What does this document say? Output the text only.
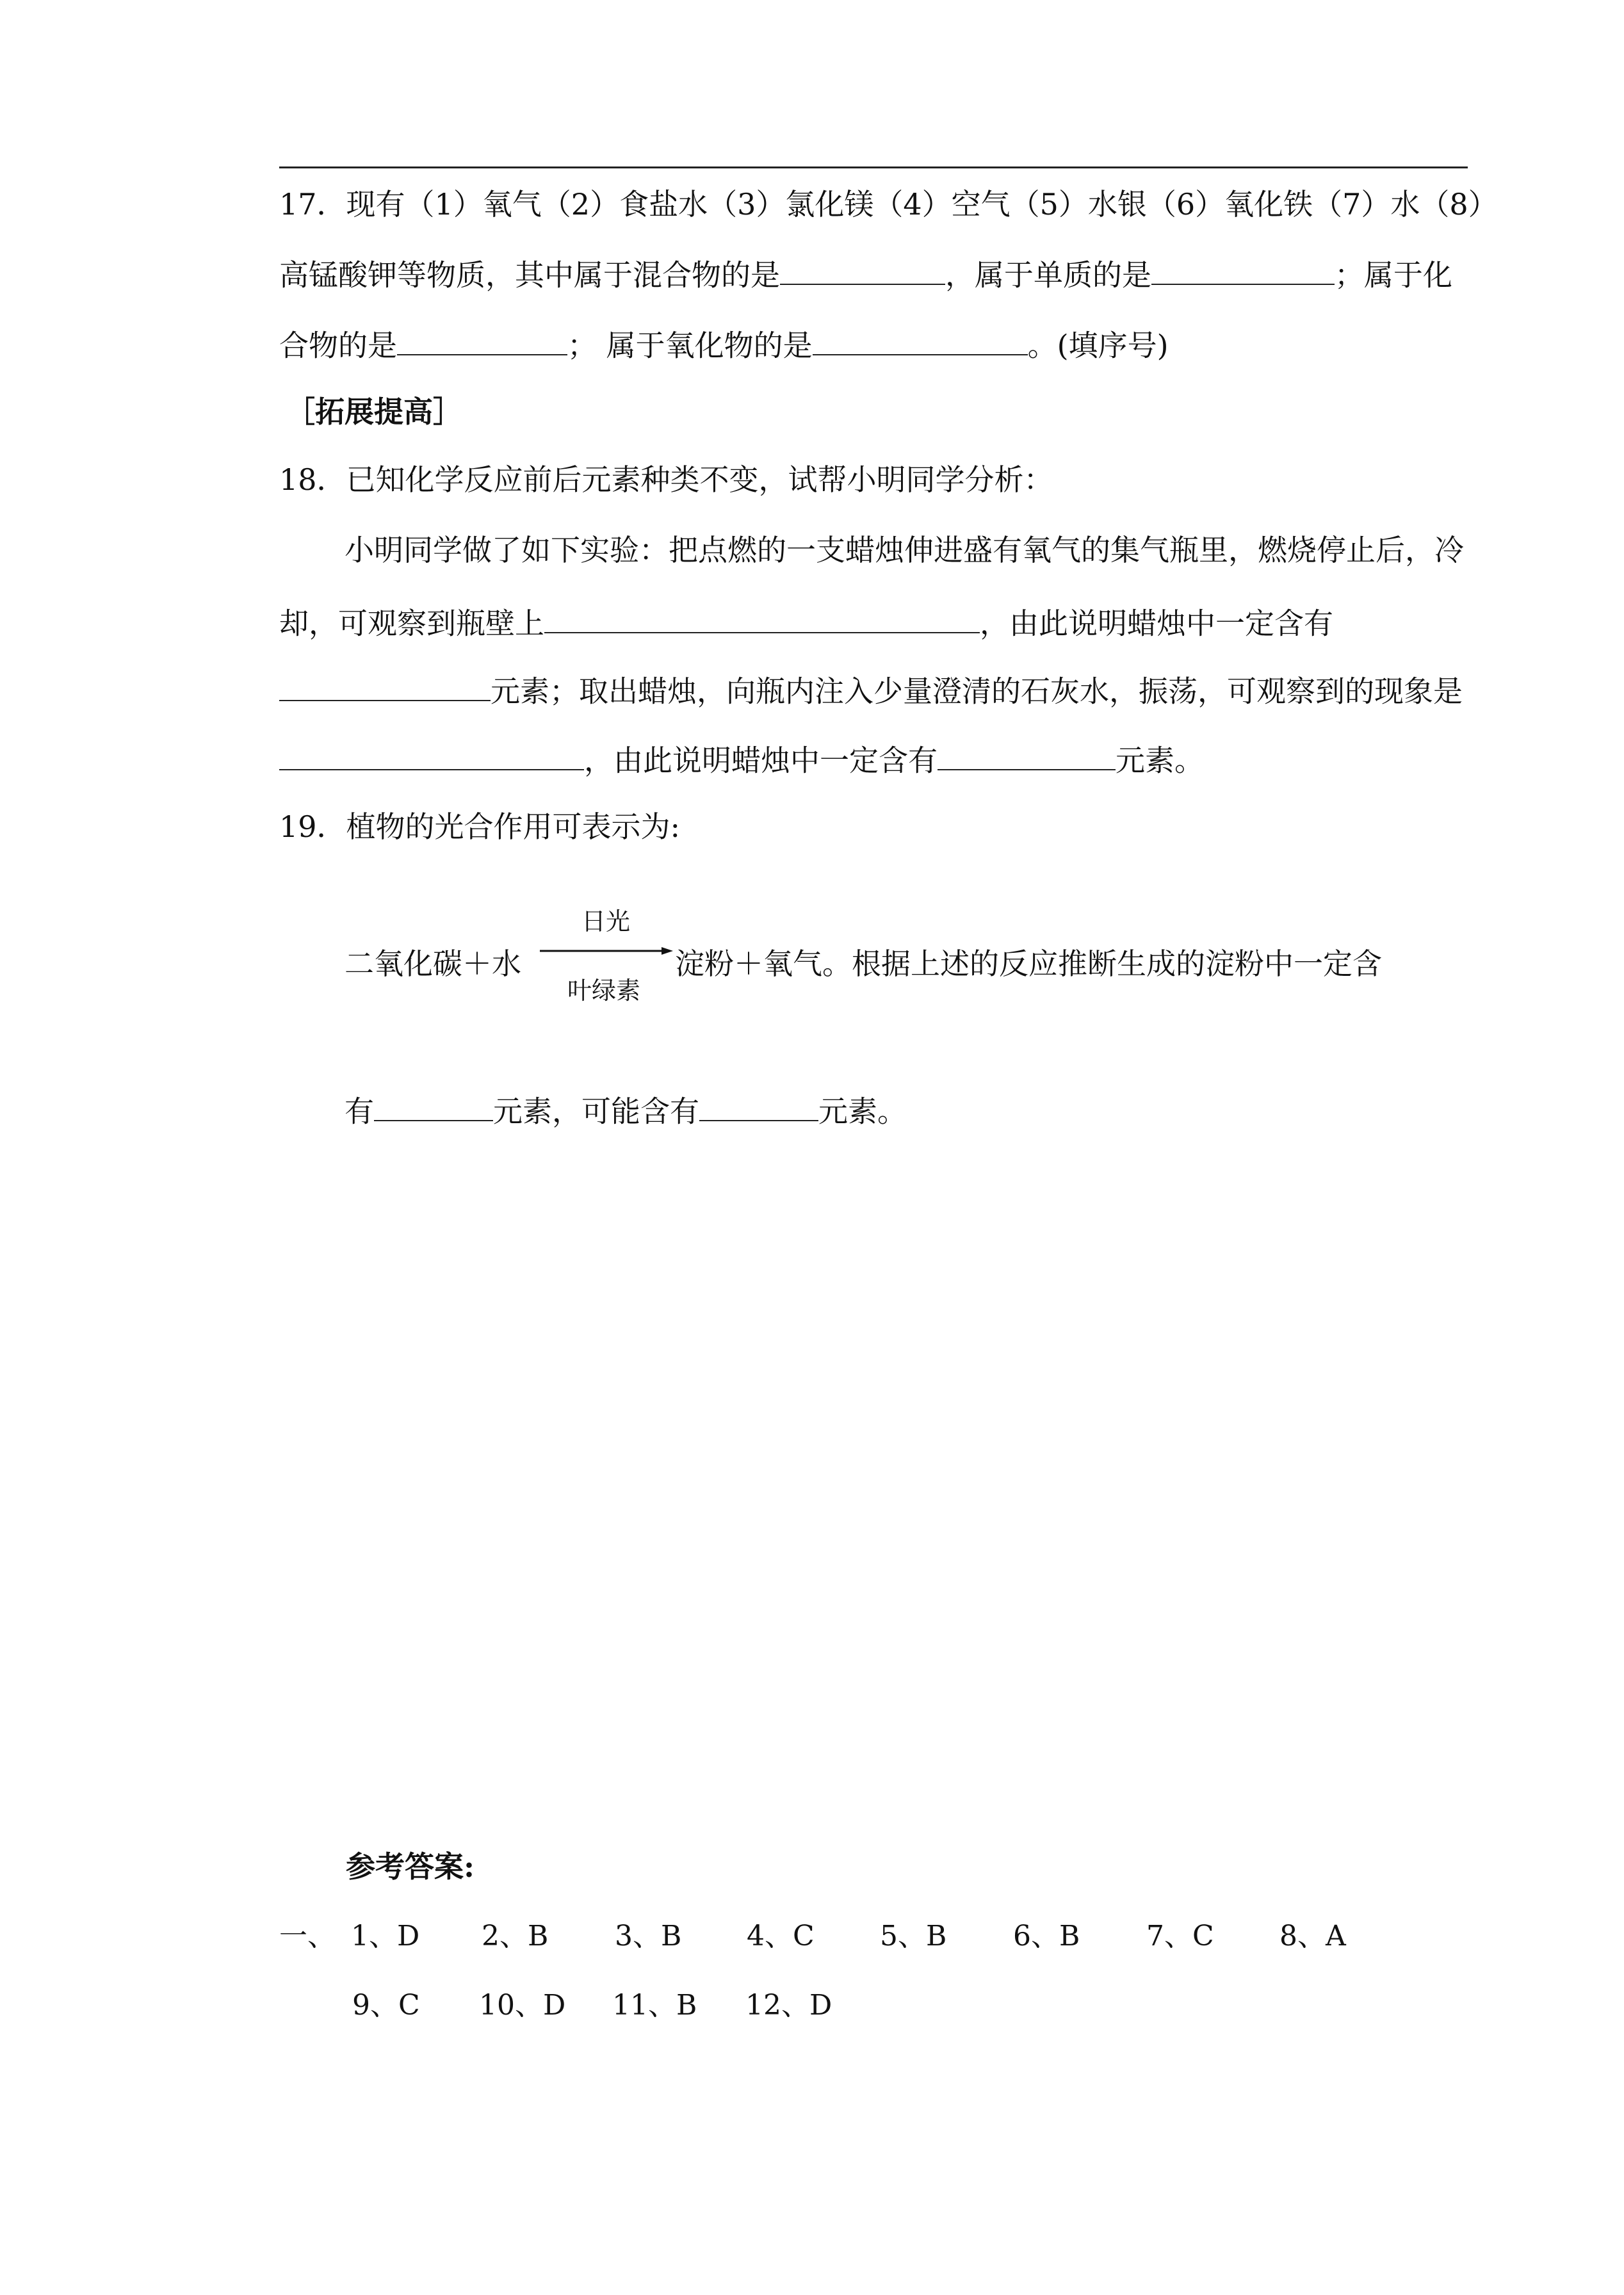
17．现有（1）氧气（2）食盐水（3）氯化镁（4）空气（5）水银（6）氧化铁（7）水（8）
高锰酸钾等物质，其中属于混合物的是	，属于单质的是	；属于化
合物的是	； 属于氧化物的是	。(填序号)
［拓展提高］
18．已知化学反应前后元素种类不变，试帮小明同学分析：
小明同学做了如下实验：把点燃的一支蜡烛伸进盛有氧气的集气瓶里，燃烧停止后，冷
却，可观察到瓶壁上	，由此说明蜡烛中一定含有
元素；取出蜡烛，向瓶内注入少量澄清的石灰水，振荡，可观察到的现象是
，由此说明蜡烛中一定含有	元素。
19．植物的光合作用可表示为:
二氧化碳＋水
日光
叶绿素
淀粉＋氧气。根据上述的反应推断生成的淀粉中一定含
有	元素，可能含有	元素。
参考答案:
一、 1、D 2、B 3、B 4、C 5、B 6、B 7、C 8、A
9、C 10、D 11、B 12、D
